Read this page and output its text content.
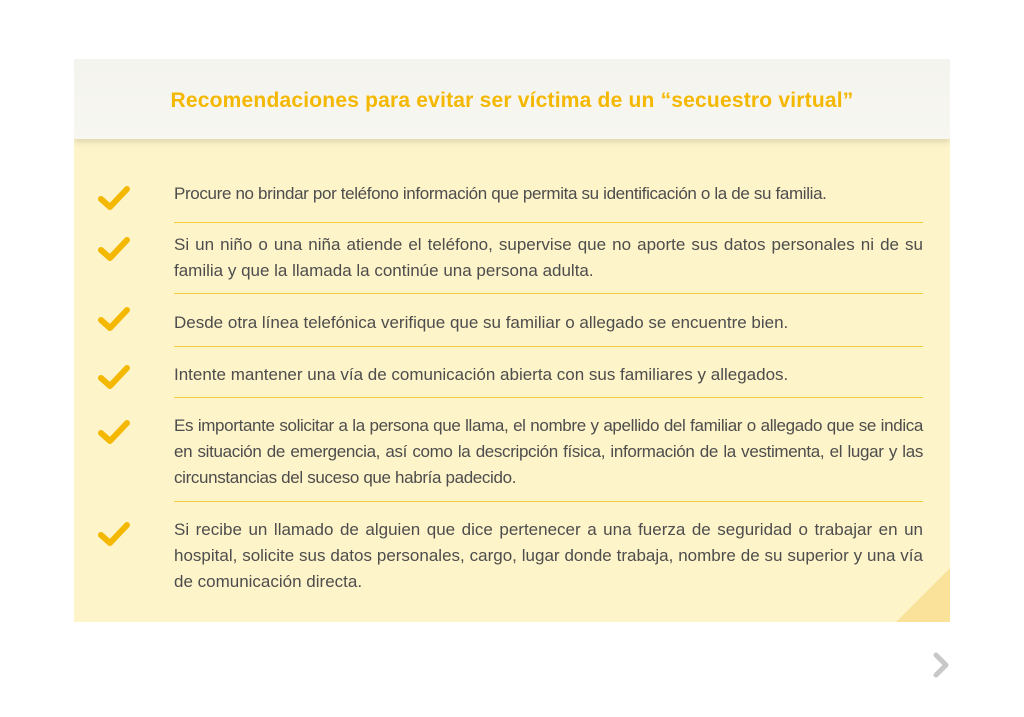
Recomendaciones para evitar ser víctima de un “secuestro virtual”

Procure no brindar por teléfono información que permita su identificación o la de su familia.

Si un niño o una niña atiende el teléfono, supervise que no aporte sus datos personales ni de su familia y que la llamada la continúe una persona adulta.

Desde otra línea telefónica verifique que su familiar o allegado se encuentre bien.

Intente mantener una vía de comunicación abierta con sus familiares y allegados.

Es importante solicitar a la persona que llama, el nombre y apellido del familiar o allegado que se indica en situación de emergencia, así como la descripción física, información de la vestimenta, el lugar y las circunstancias del suceso que habría padecido.

Si recibe un llamado de alguien que dice pertenecer a una fuerza de seguridad o trabajar en un hospital, solicite sus datos personales, cargo, lugar donde trabaja, nombre de su superior y una vía de comunicación directa.
